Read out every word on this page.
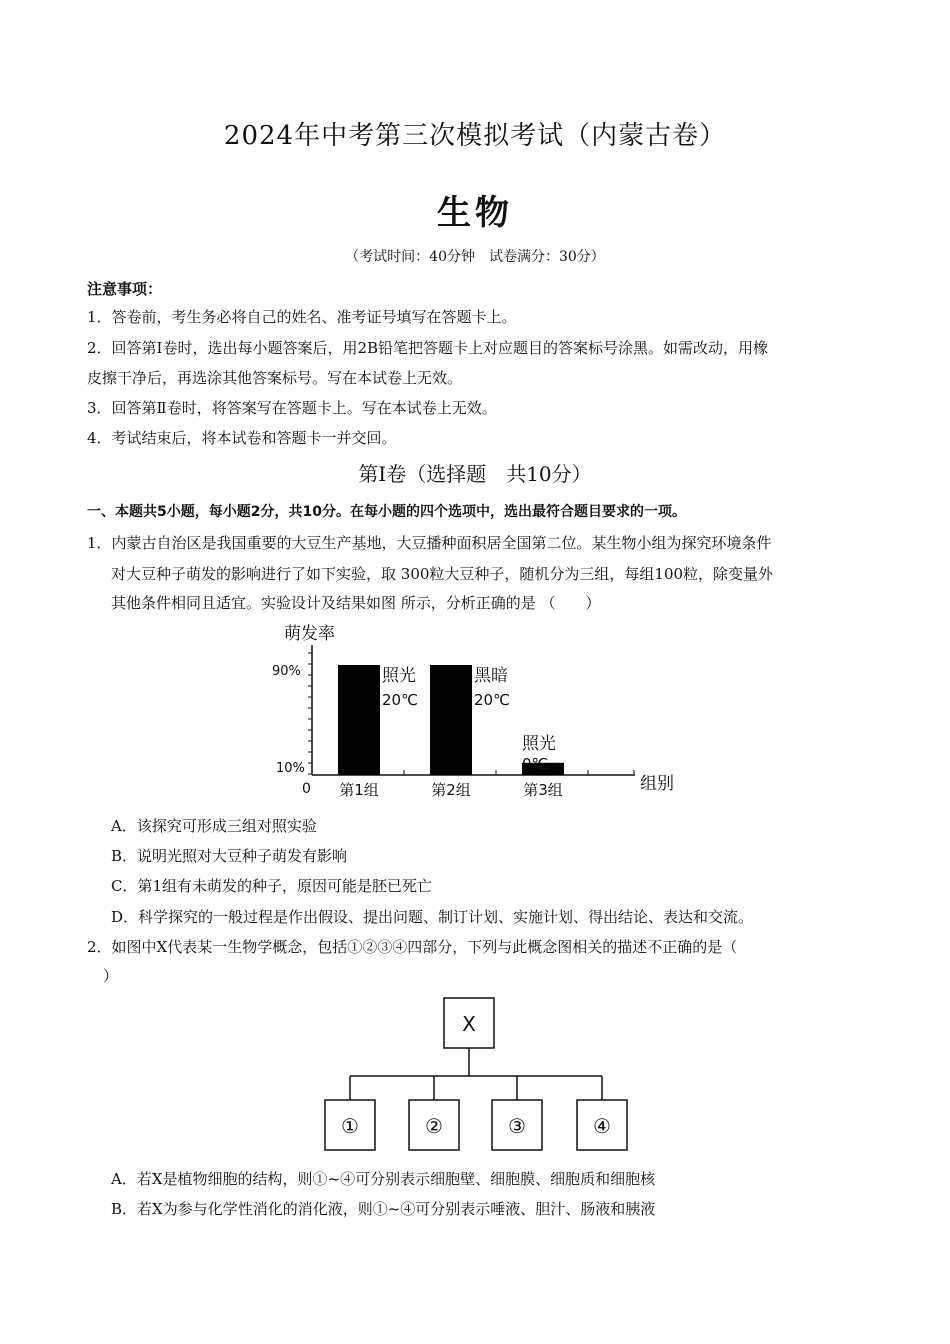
2024年中考第三次模拟考试（内蒙古卷）
生物
（考试时间：40分钟　试卷满分：30分）
注意事项：
1．答卷前，考生务必将自己的姓名、准考证号填写在答题卡上。
2．回答第Ⅰ卷时，选出每小题答案后，用2B铅笔把答题卡上对应题目的答案标号涂黑。如需改动，用橡
皮擦干净后，再选涂其他答案标号。写在本试卷上无效。
3．回答第Ⅱ卷时，将答案写在答题卡上。写在本试卷上无效。
4．考试结束后，将本试卷和答题卡一并交回。
第Ⅰ卷（选择题　共10分）
一、本题共5小题，每小题2分，共10分。在每小题的四个选项中，选出最符合题目要求的一项。
1．内蒙古自治区是我国重要的大豆生产基地，大豆播种面积居全国第二位。某生物小组为探究环境条件
对大豆种子萌发的影响进行了如下实验，取 300粒大豆种子，随机分为三组，每组100粒，除变量外
其他条件相同且适宜。实验设计及结果如图 所示，分析正确的是 （　　）
萌发率
组别
0
90%
10%
第1组
照光
20℃
第2组
黑暗
20℃
第3组
照光
0℃
A．该探究可形成三组对照实验
B．说明光照对大豆种子萌发有影响
C．第1组有未萌发的种子，原因可能是胚已死亡
D．科学探究的一般过程是作出假设、提出问题、制订计划、实施计划、得出结论、表达和交流。
2．如图中X代表某一生物学概念，包括①②③④四部分，下列与此概念图相关的描述不正确的是（
）
X
①	②	③	④
A．若X是植物细胞的结构，则①~④可分别表示细胞壁、细胞膜、细胞质和细胞核
B．若X为参与化学性消化的消化液，则①~④可分别表示唾液、胆汁、肠液和胰液
